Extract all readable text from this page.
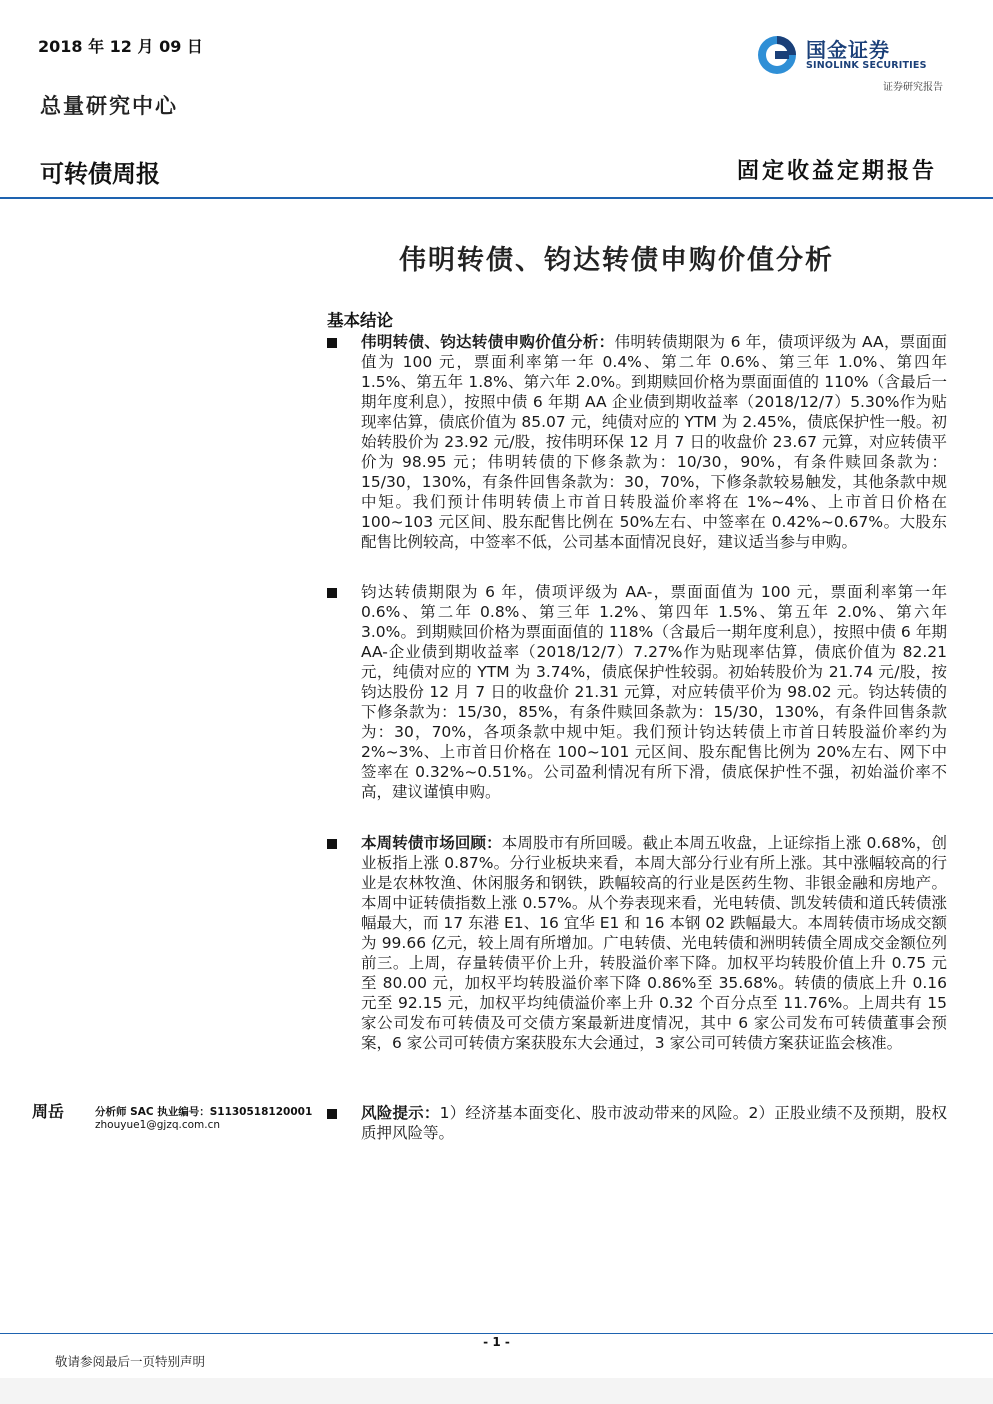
2018 年 12 月 09 日
总量研究中心
可转债周报	固定收益定期报告
国金证券
SINOLINK SECURITIES
证券研究报告
伟明转债、钧达转债申购价值分析
基本结论
伟明转债、钧达转债申购价值分析：伟明转债期限为 6 年，债项评级为 AA，票面面值为 100 元，票面利率第一年 0.4%、第二年 0.6%、第三年 1.0%、第四年 1.5%、第五年 1.8%、第六年 2.0%。到期赎回价格为票面面值的 110%（含最后一期年度利息），按照中债 6 年期 AA 企业债到期收益率（2018/12/7）5.30%作为贴现率估算，债底价值为 85.07 元，纯债对应的 YTM 为 2.45%，债底保护性一般。初始转股价为 23.92 元/股，按伟明环保 12 月 7 日的收盘价 23.67 元算，对应转债平价为 98.95 元；伟明转债的下修条款为：10/30，90%，有条件赎回条款为：15/30，130%，有条件回售条款为：30，70%，下修条款较易触发，其他条款中规中矩。我们预计伟明转债上市首日转股溢价率将在 1%~4%、上市首日价格在 100~103 元区间、股东配售比例在 50%左右、中签率在 0.42%~0.67%。大股东配售比例较高，中签率不低，公司基本面情况良好，建议适当参与申购。
钧达转债期限为 6 年，债项评级为 AA-，票面面值为 100 元，票面利率第一年 0.6%、第二年 0.8%、第三年 1.2%、第四年 1.5%、第五年 2.0%、第六年 3.0%。到期赎回价格为票面面值的 118%（含最后一期年度利息），按照中债 6 年期 AA-企业债到期收益率（2018/12/7）7.27%作为贴现率估算，债底价值为 82.21 元，纯债对应的 YTM 为 3.74%，债底保护性较弱。初始转股价为 21.74 元/股，按钧达股份 12 月 7 日的收盘价 21.31 元算，对应转债平价为 98.02 元。钧达转债的下修条款为：15/30，85%，有条件赎回条款为：15/30，130%，有条件回售条款为：30，70%，各项条款中规中矩。我们预计钧达转债上市首日转股溢价率约为 2%~3%、上市首日价格在 100~101 元区间、股东配售比例为 20%左右、网下中签率在 0.32%~0.51%。公司盈利情况有所下滑，债底保护性不强，初始溢价率不高，建议谨慎申购。
本周转债市场回顾：本周股市有所回暖。截止本周五收盘，上证综指上涨 0.68%，创业板指上涨 0.87%。分行业板块来看，本周大部分行业有所上涨。其中涨幅较高的行业是农林牧渔、休闲服务和钢铁，跌幅较高的行业是医药生物、非银金融和房地产。本周中证转债指数上涨 0.57%。从个券表现来看，光电转债、凯发转债和道氏转债涨幅最大，而 17 东港 E1、16 宜华 E1 和 16 本钢 02 跌幅最大。本周转债市场成交额为 99.66 亿元，较上周有所增加。广电转债、光电转债和洲明转债全周成交金额位列前三。上周，存量转债平价上升，转股溢价率下降。加权平均转股价值上升 0.75 元至 80.00 元，加权平均转股溢价率下降 0.86%至 35.68%。转债的债底上升 0.16 元至 92.15 元，加权平均纯债溢价率上升 0.32 个百分点至 11.76%。上周共有 15 家公司发布可转债及可交债方案最新进度情况，其中 6 家公司发布可转债董事会预案，6 家公司可转债方案获股东大会通过，3 家公司可转债方案获证监会核准。
风险提示：1）经济基本面变化、股市波动带来的风险。2）正股业绩不及预期，股权质押风险等。
周岳	分析师 SAC 执业编号：S1130518120001
zhouyue1@gjzq.com.cn
- 1 -
敬请参阅最后一页特别声明
